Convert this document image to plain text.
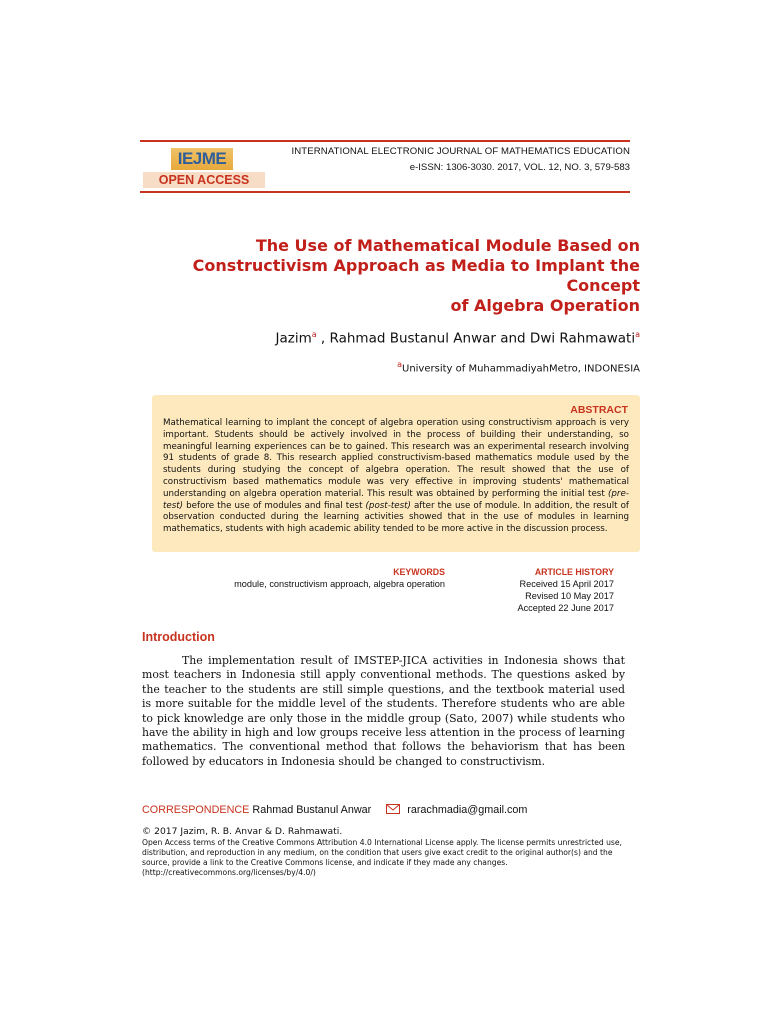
IEJME
OPEN ACCESS
INTERNATIONAL ELECTRONIC JOURNAL OF MATHEMATICS EDUCATION
e-ISSN: 1306-3030. 2017, VOL. 12, NO. 3, 579-583
The Use of Mathematical Module Based on
Constructivism Approach as Media to Implant the Concept
of Algebra Operation
Jazim$^a$ , Rahmad Bustanul Anwar and Dwi Rahmawati$^a$
$^a$University of MuhammadiyahMetro, INDONESIA
ABSTRACT
Mathematical learning to implant the concept of algebra operation using constructivism approach is very important. Students should be actively involved in the process of building their understanding, so meaningful learning experiences can be to gained. This research was an experimental research involving 91 students of grade 8. This research applied constructivism-based mathematics module used by the students during studying the concept of algebra operation. The result showed that the use of constructivism based mathematics module was very effective in improving students' mathematical understanding on algebra operation material. This result was obtained by performing the initial test (pre-test) before the use of modules and final test (post-test) after the use of module. In addition, the result of observation conducted during the learning activities showed that in the use of modules in learning mathematics, students with high academic ability tended to be more active in the discussion process.
KEYWORDS
module, constructivism approach, algebra operation
ARTICLE HISTORY
Received 15 April 2017
Revised 10 May 2017
Accepted 22 June 2017
Introduction
The implementation result of IMSTEP-JICA activities in Indonesia shows that most teachers in Indonesia still apply conventional methods. The questions asked by the teacher to the students are still simple questions, and the textbook material used is more suitable for the middle level of the students. Therefore students who are able to pick knowledge are only those in the middle group (Sato, 2007) while students who have the ability in high and low groups receive less attention in the process of learning mathematics. The conventional method that follows the behaviorism that has been followed by educators in Indonesia should be changed to constructivism.
CORRESPONDENCE Rahmad Bustanul Anwar	rarachmadia@gmail.com
© 2017 Jazim, R. B. Anvar & D. Rahmawati.
Open Access terms of the Creative Commons Attribution 4.0 International License apply. The license permits unrestricted use, distribution, and reproduction in any medium, on the condition that users give exact credit to the original author(s) and the source, provide a link to the Creative Commons license, and indicate if they made any changes. (http://creativecommons.org/licenses/by/4.0/)
